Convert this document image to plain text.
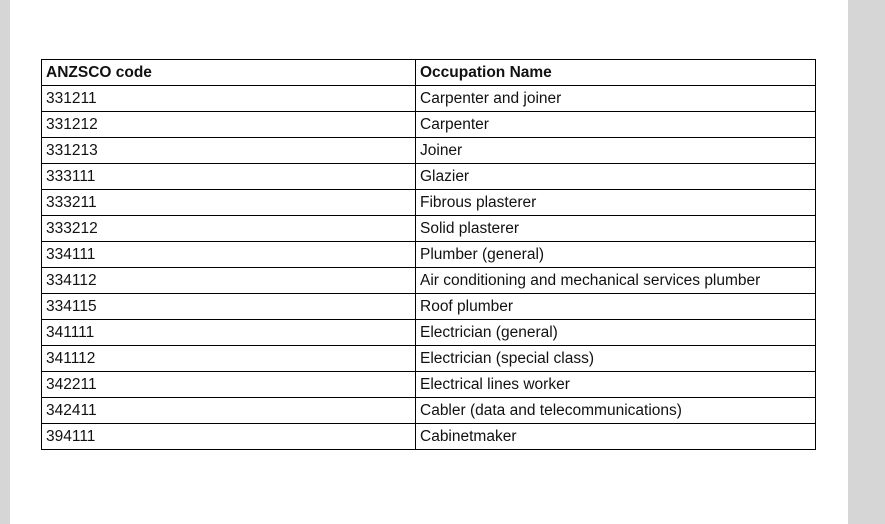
ANZSCO code	Occupation Name
331211	Carpenter and joiner
331212	Carpenter
331213	Joiner
333111	Glazier
333211	Fibrous plasterer
333212	Solid plasterer
334111	Plumber (general)
334112	Air conditioning and mechanical services plumber
334115	Roof plumber
341111	Electrician (general)
341112	Electrician (special class)
342211	Electrical lines worker
342411	Cabler (data and telecommunications)
394111	Cabinetmaker
